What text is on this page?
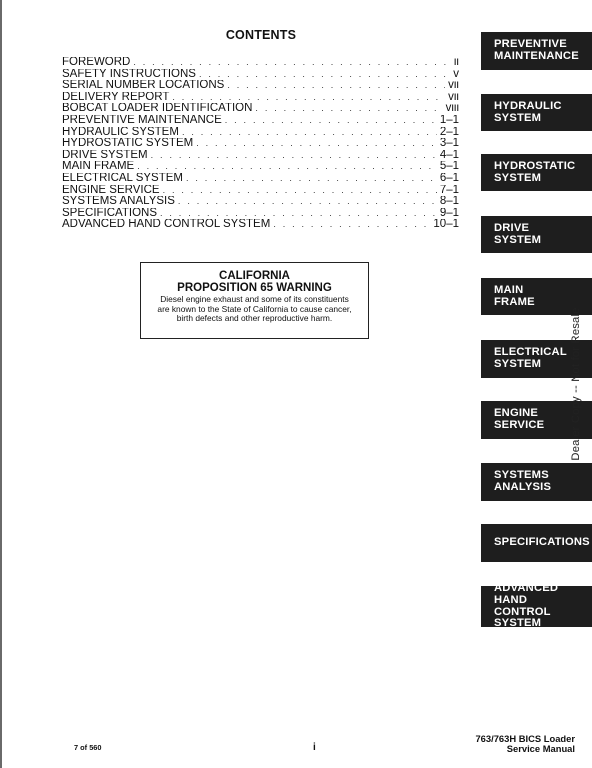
CONTENTS
FOREWORD . . .	ii
SAFETY INSTRUCTIONS . . .	v
SERIAL NUMBER LOCATIONS . . .	vii
DELIVERY REPORT . . .	vii
BOBCAT LOADER IDENTIFICATION . . .	viii
PREVENTIVE MAINTENANCE . . .	1–1
HYDRAULIC SYSTEM . . .	2–1
HYDROSTATIC SYSTEM . . .	3–1
DRIVE SYSTEM . . .	4–1
MAIN FRAME . . .	5–1
ELECTRICAL SYSTEM . . .	6–1
ENGINE SERVICE . . .	7–1
SYSTEMS ANALYSIS . . .	8–1
SPECIFICATIONS . . .	9–1
ADVANCED HAND CONTROL SYSTEM . . .	10–1
CALIFORNIA
PROPOSITION 65 WARNING
Diesel engine exhaust and some of its constituents are known to the State of California to cause cancer, birth defects and other reproductive harm.
PREVENTIVE
MAINTENANCE
HYDRAULIC
SYSTEM
HYDROSTATIC
SYSTEM
DRIVE
SYSTEM
MAIN
FRAME
ELECTRICAL
SYSTEM
ENGINE
SERVICE
SYSTEMS
ANALYSIS
SPECIFICATIONS
ADVANCED
HAND CONTROL
SYSTEM
Dealer Copy -- Not for Resale
7 of 560	i
763/763H BICS Loader
Service Manual
